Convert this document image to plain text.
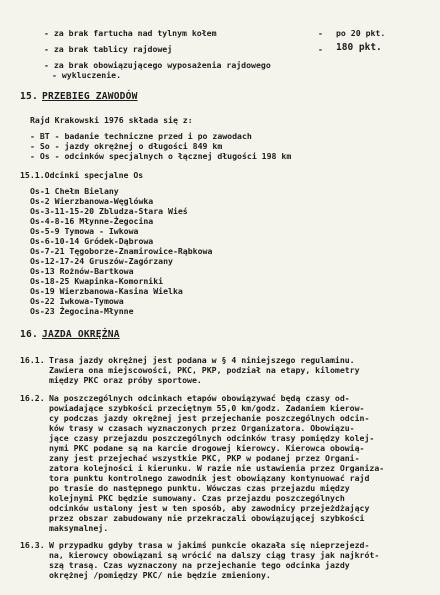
- za brak fartucha nad tylnym kołem	- po 20 pkt.
- za brak tablicy rajdowej	- 180 pkt.
- za brak obowiązującego wyposażenia rajdowego
- wykluczenie.
15. PRZEBIEG ZAWODÓW
Rajd Krakowski 1976 składa się z:
- BT - badanie techniczne przed i po zawodach
- So - jazdy okrężnej o długości 849 km
- Os - odcinków specjalnych o łącznej długości 198 km
15.1.Odcinki specjalne Os
Os-1 Chełm Bielany
Os-2 Wierzbanowa-Węglówka
Os-3-11-15-20 Zbludza-Stara Wieś
Os-4-8-16 Młynne-Żegocina
Os-5-9 Tymowa - Iwkowa
Os-6-10-14 Gródek-Dąbrowa
Os-7-21 Tęgoborze-Znamirowice-Rąbkowa
Os-12-17-24 Gruszów-Zagórzany
Os-13 Rożnów-Bartkowa
Os-18-25 Kwapinka-Komorniki
Os-19 Wierzbanowa-Kasina Wielka
Os-22 Iwkowa-Tymowa
Os-23 Żegocina-Młynne
16. JAZDA OKRĘŻNA
16.1. Trasa jazdy okrężnej jest podana w § 4 niniejszego regulaminu.
Zawiera ona miejscowości, PKC, PKP, podział na etapy, kilometry
między PKC oraz próby sportowe.
16.2. Na poszczególnych odcinkach etapów obowiązywać będą czasy od-
powiadające szybkości przeciętnym 55,0 km/godz. Zadaniem kierow-
cy podczas jazdy okrężnej jest przejechanie poszczególnych odcin-
ków trasy w czasach wyznaczonych przez Organizatora. Obowiązu-
jące czasy przejazdu poszczególnych odcinków trasy pomiędzy kolej-
nymi PKC podane są na karcie drogowej kierowcy. Kierowca obowią-
zany jest przejechać wszystkie PKC, PKP w podanej przez Organi-
zatora kolejności i kierunku. W razie nie ustawienia przez Organiza-
tora punktu kontrolnego zawodnik jest obowiązany kontynuować rajd
po trasie do następnego punktu. Wówczas czas przejazdu między
kolejnymi PKC będzie sumowany. Czas przejazdu poszczególnych
odcinków ustalony jest w ten sposób, aby zawodnicy przejeżdżający
przez obszar zabudowany nie przekraczali obowiązującej szybkości
maksymalnej.
16.3. W przypadku gdyby trasa w jakimś punkcie okazała się nieprzejezd-
na, kierowcy obowiązani są wrócić na dalszy ciąg trasy jak najkrót-
szą trasą. Czas wyznaczony na przejechanie tego odcinka jazdy
okrężnej /pomiędzy PKC/ nie będzie zmieniony.
